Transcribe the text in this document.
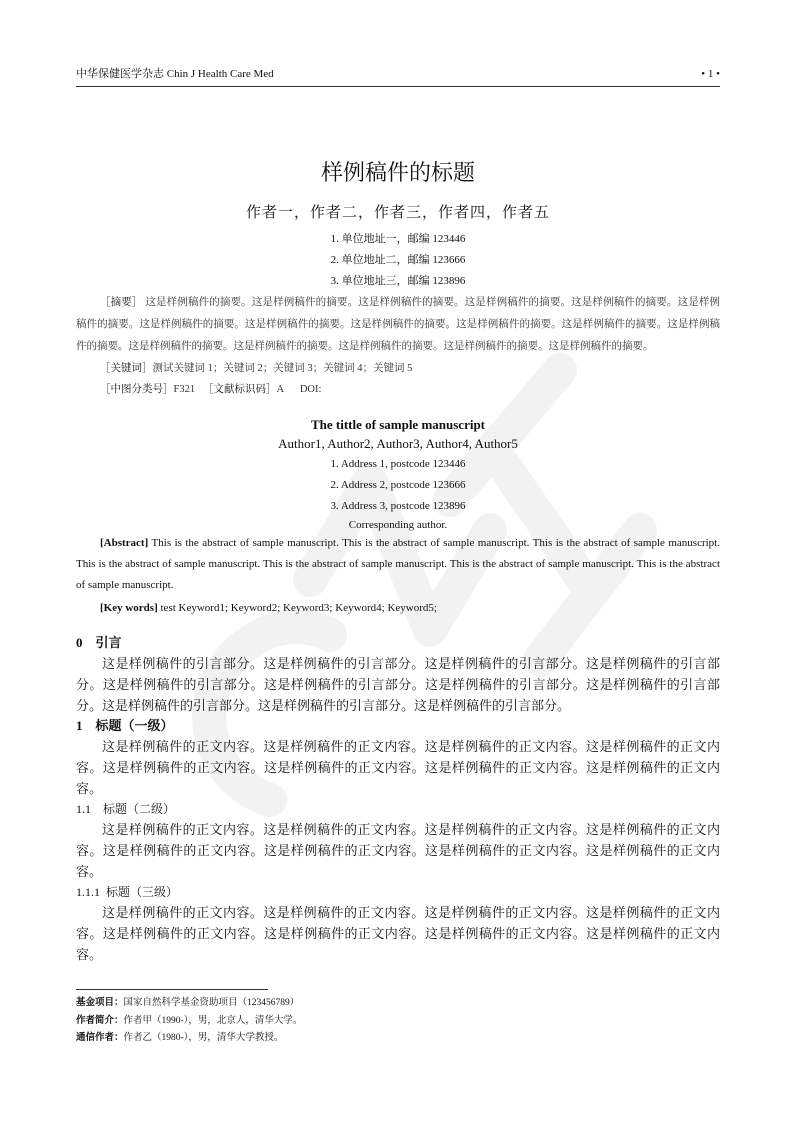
中华保健医学杂志 Chin J Health Care Med	• 1 •
样例稿件的标题
作者一，作者二，作者三，作者四，作者五
1. 单位地址一，邮编 123446
2. 单位地址二，邮编 123666
3. 单位地址三，邮编 123896
［摘要］ 这是样例稿件的摘要。这是样例稿件的摘要。这是样例稿件的摘要。这是样例稿件的摘要。这是样例稿件的摘要。这是样例稿件的摘要。这是样例稿件的摘要。这是样例稿件的摘要。这是样例稿件的摘要。这是样例稿件的摘要。这是样例稿件的摘要。这是样例稿件的摘要。这是样例稿件的摘要。这是样例稿件的摘要。这是样例稿件的摘要。这是样例稿件的摘要。这是样例稿件的摘要。
［关键词］测试关键词 1；关键词 2；关键词 3；关键词 4；关键词 5
［中图分类号］F321 ［文献标识码］A DOI:
The tittle of sample manuscript
Author1, Author2, Author3, Author4, Author5
1. Address 1, postcode 123446
2. Address 2, postcode 123666
3. Address 3, postcode 123896
Corresponding author.
[Abstract] This is the abstract of sample manuscript. This is the abstract of sample manuscript. This is the abstract of sample manuscript. This is the abstract of sample manuscript. This is the abstract of sample manuscript. This is the abstract of sample manuscript. This is the abstract of sample manuscript.
[Key words] test Keyword1; Keyword2; Keyword3; Keyword4; Keyword5;
0    引言
这是样例稿件的引言部分。这是样例稿件的引言部分。这是样例稿件的引言部分。这是样例稿件的引言部分。这是样例稿件的引言部分。这是样例稿件的引言部分。这是样例稿件的引言部分。这是样例稿件的引言部分。这是样例稿件的引言部分。这是样例稿件的引言部分。这是样例稿件的引言部分。
1    标题（一级）
这是样例稿件的正文内容。这是样例稿件的正文内容。这是样例稿件的正文内容。这是样例稿件的正文内容。这是样例稿件的正文内容。这是样例稿件的正文内容。这是样例稿件的正文内容。这是样例稿件的正文内容。
1.1    标题（二级）
这是样例稿件的正文内容。这是样例稿件的正文内容。这是样例稿件的正文内容。这是样例稿件的正文内容。这是样例稿件的正文内容。这是样例稿件的正文内容。这是样例稿件的正文内容。这是样例稿件的正文内容。
1.1.1  标题（三级）
这是样例稿件的正文内容。这是样例稿件的正文内容。这是样例稿件的正文内容。这是样例稿件的正文内容。这是样例稿件的正文内容。这是样例稿件的正文内容。这是样例稿件的正文内容。这是样例稿件的正文内容。
基金项目：国家自然科学基金资助项目（123456789）
作者简介：作者甲（1990-），男，北京人，清华大学。
通信作者：作者乙（1980-），男，清华大学教授。
